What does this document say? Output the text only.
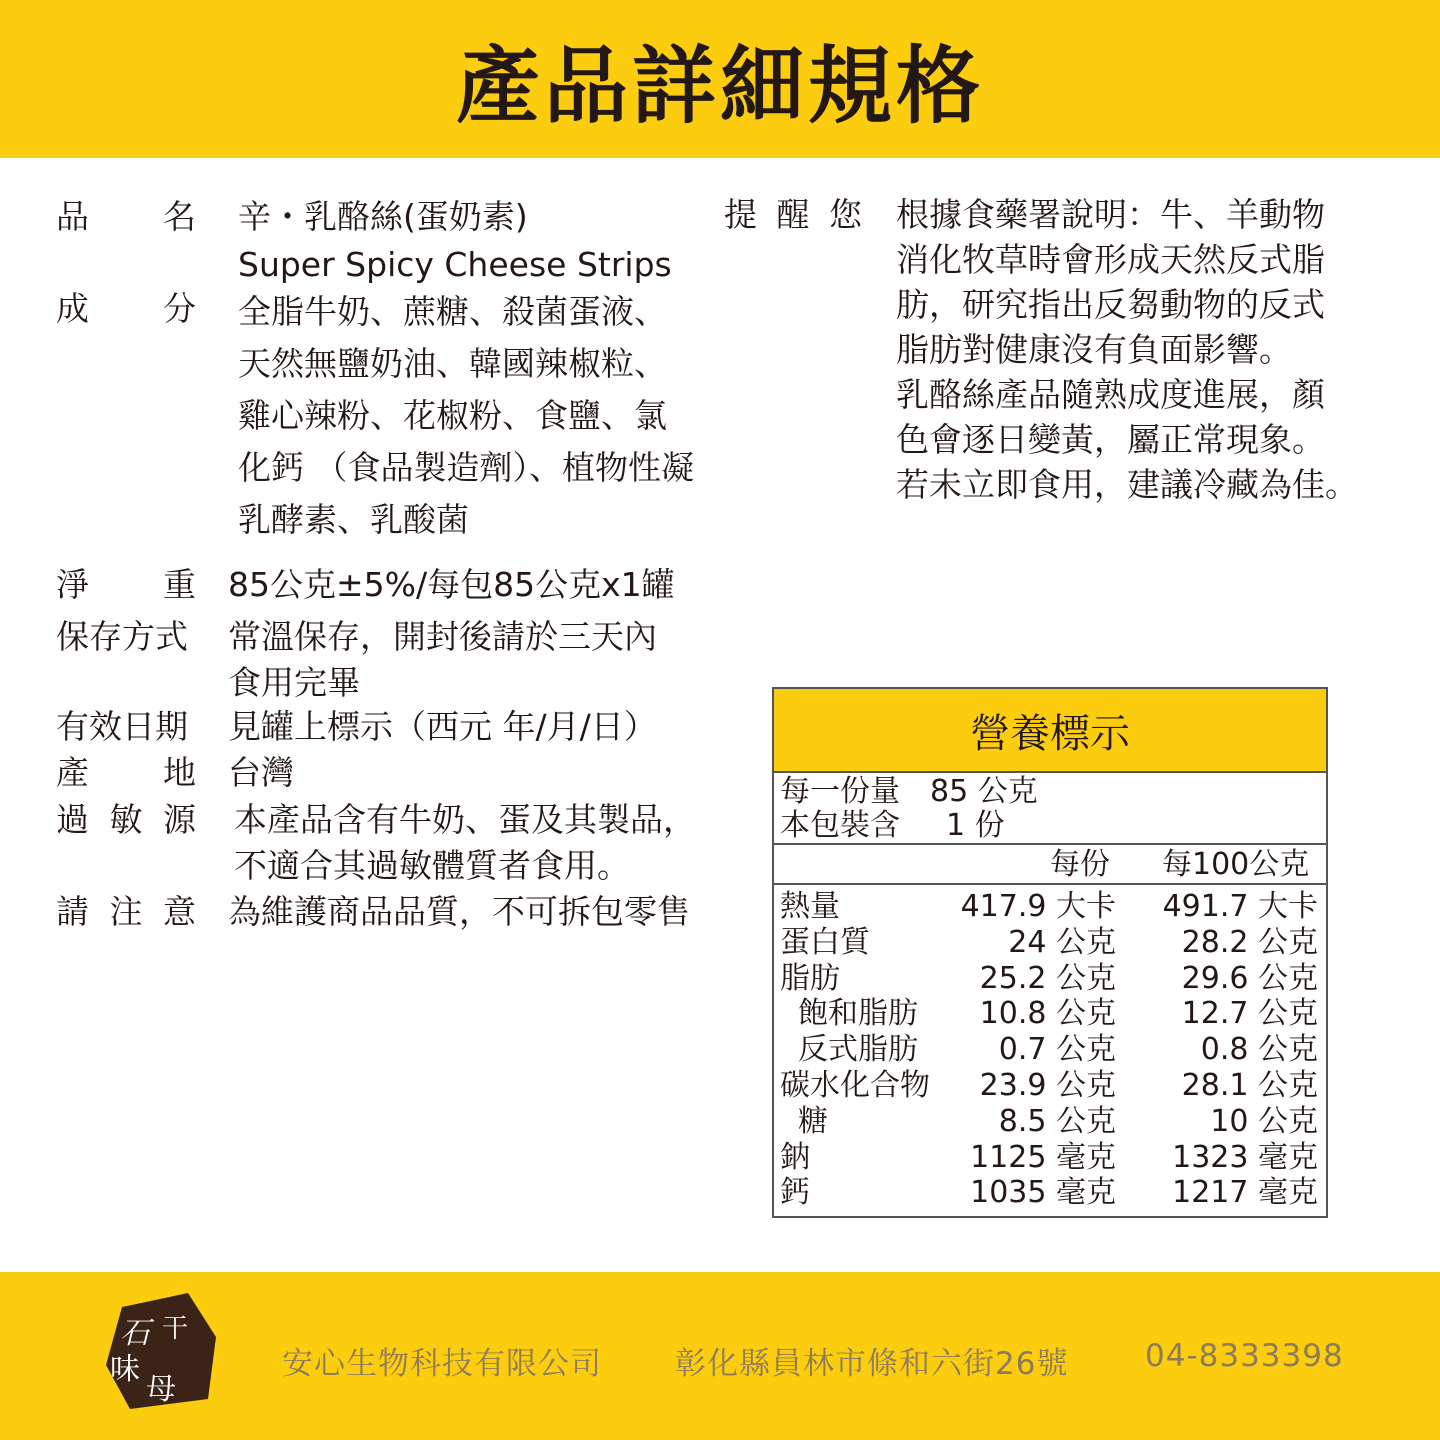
產品詳細規格
品 名 辛・乳酪絲(蛋奶素)
Super Spicy Cheese Strips
成 分 全脂牛奶、蔗糖、殺菌蛋液、
天然無鹽奶油、韓國辣椒粒、
雞心辣粉、花椒粉、食鹽、氯
化鈣 （食品製造劑）、植物性凝
乳酵素、乳酸菌
淨 重 85公克±5%/每包85公克x1罐
保存方式 常溫保存，開封後請於三天內
食用完畢
有效日期 見罐上標示（西元 年/月/日）
產 地 台灣
過 敏 源 本產品含有牛奶、蛋及其製品，
不適合其過敏體質者食用。
請 注 意 為維護商品品質，不可拆包零售
提 醒 您 根據食藥署說明：牛、羊動物
消化牧草時會形成天然反式脂
肪，研究指出反芻動物的反式
脂肪對健康沒有負面影響。
乳酪絲產品隨熟成度進展，顏
色會逐日變黃，屬正常現象。
若未立即食用，建議冷藏為佳。
營養標示
每一份量	85 公克
本包裝含	1 份
每份 每100公克
熱量	417.9 大卡 491.7 大卡
蛋白質	24 公克 28.2 公克
脂肪	25.2 公克 29.6 公克
飽和脂肪 10.8 公克 12.7 公克
反式脂肪	0.7 公克	0.8 公克
碳水化合物 23.9 公克 28.1 公克
糖	8.5 公克	10 公克
鈉	1125 毫克 1323 毫克
鈣	1035 毫克 1217 毫克
石 干
味
母
安心生物科技有限公司 彰化縣員林市條和六街26號 04-8333398
